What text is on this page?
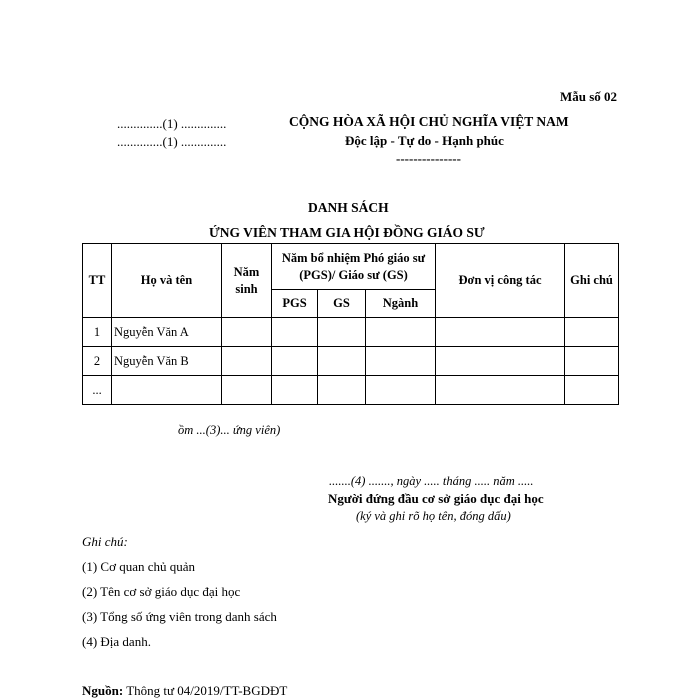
Mẫu số 02
..............(1) ..............
..............(1) ..............
CỘNG HÒA XÃ HỘI CHỦ NGHĨA VIỆT NAM
Độc lập - Tự do - Hạnh phúc
---------------
DANH SÁCH
ỨNG VIÊN THAM GIA HỘI ĐỒNG GIÁO SƯ
TT	Họ và tên	Năm sinh	Năm bổ nhiệm Phó giáo sư (PGS)/ Giáo sư (GS)			Đơn vị công tác	Ghi chú
			PGS	GS	Ngành		
1	Nguyễn Văn A						
2	Nguyễn Văn B						
...							
ồm ...(3)... ứng viên)
.......(4) ......., ngày ..... tháng ..... năm .....
Người đứng đầu cơ sở giáo dục đại học
(ký và ghi rõ họ tên, đóng dấu)
Ghi chú:
(1) Cơ quan chủ quản
(2) Tên cơ sở giáo dục đại học
(3) Tổng số ứng viên trong danh sách
(4) Địa danh.
Nguồn: Thông tư 04/2019/TT-BGDĐT
